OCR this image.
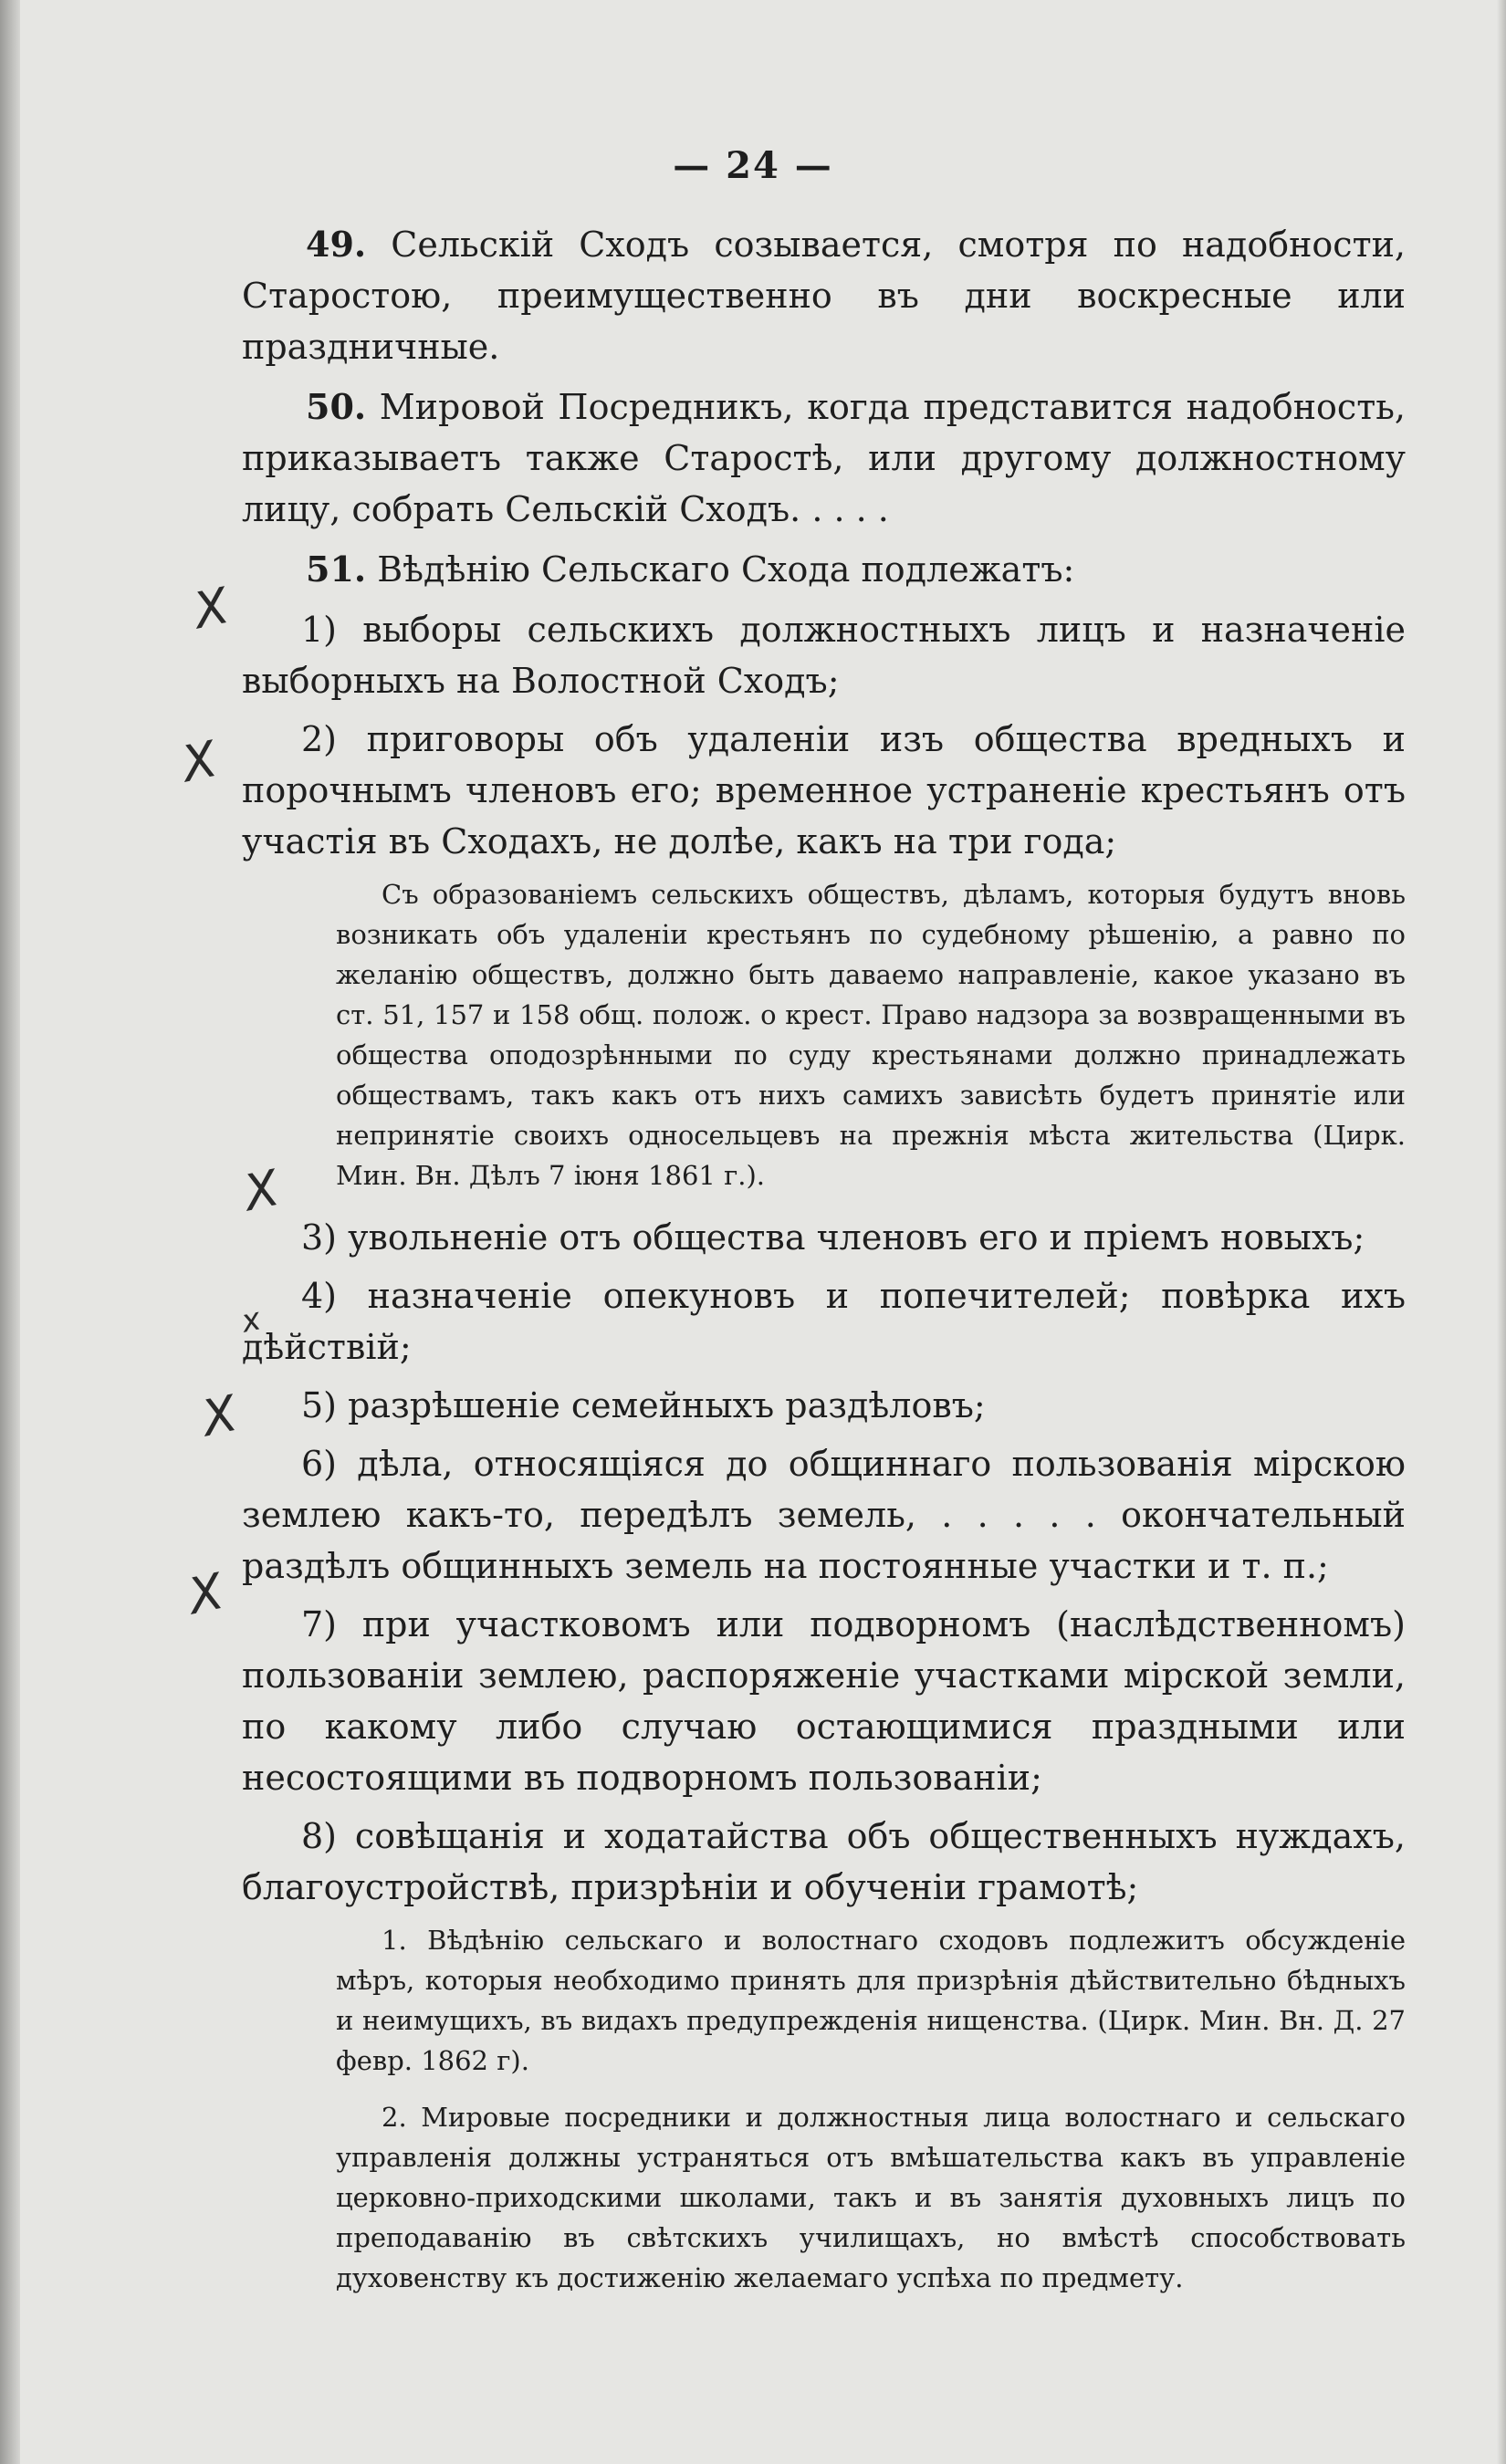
— 24 —
X
X
X
x
X
X

49. Сельскій Сходъ созывается, смотря по надобности, Старостою, преимущественно въ дни воскресные или праздничные.

50. Мировой Посредникъ, когда представится надобность, приказываетъ также Старостѣ, или другому должностному лицу, собрать Сельскій Сходъ. . . . .

51. Вѣдѣнію Сельскаго Схода подлежатъ:

1) выборы сельскихъ должностныхъ лицъ и назначеніе выборныхъ на Волостной Сходъ;

2) приговоры объ удаленіи изъ общества вредныхъ и порочнымъ членовъ его; временное устраненіе крестьянъ отъ участія въ Сходахъ, не долѣе, какъ на три года;

Съ образованіемъ сельскихъ обществъ, дѣламъ, которыя будутъ вновь возникать объ удаленіи крестьянъ по судебному рѣшенію, а равно по желанію обществъ, должно быть даваемо направленіе, какое указано въ ст. 51, 157 и 158 общ. полож. о крест. Право надзора за возвращенными въ общества оподозрѣнными по суду крестьянами должно принадлежать обществамъ, такъ какъ отъ нихъ самихъ зависѣть будетъ принятіе или непринятіе своихъ односельцевъ на прежнія мѣста жительства (Цирк. Мин. Вн. Дѣлъ 7 іюня 1861 г.).

3) увольненіе отъ общества членовъ его и пріемъ новыхъ;

4) назначеніе опекуновъ и попечителей; повѣрка ихъ дѣйствій;

5) разрѣшеніе семейныхъ раздѣловъ;

6) дѣла, относящіяся до общиннаго пользованія мірскою землею какъ-то, передѣлъ земель, . . . . . окончательный раздѣлъ общинныхъ земель на постоянные участки и т. п.;

7) при участковомъ или подворномъ (наслѣдственномъ) пользованіи землею, распоряженіе участками мірской земли, по какому либо случаю остающимися праздными или несостоящими въ подворномъ пользованіи;

8) совѣщанія и ходатайства объ общественныхъ нуждахъ, благоустройствѣ, призрѣніи и обученіи грамотѣ;

1. Вѣдѣнію сельскаго и волостнаго сходовъ подлежитъ обсужденіе мѣръ, которыя необходимо принять для призрѣнія дѣйствительно бѣдныхъ и неимущихъ, въ видахъ предупрежденія нищенства. (Цирк. Мин. Вн. Д. 27 февр. 1862 г).

2. Мировые посредники и должностныя лица волостнаго и сельскаго управленія должны устраняться отъ вмѣшательства какъ въ управленіе церковно-приходскими школами, такъ и въ занятія духовныхъ лицъ по преподаванію въ свѣтскихъ училищахъ, но вмѣстѣ способствовать духовенству къ достиженію желаемаго успѣха по предмету.
